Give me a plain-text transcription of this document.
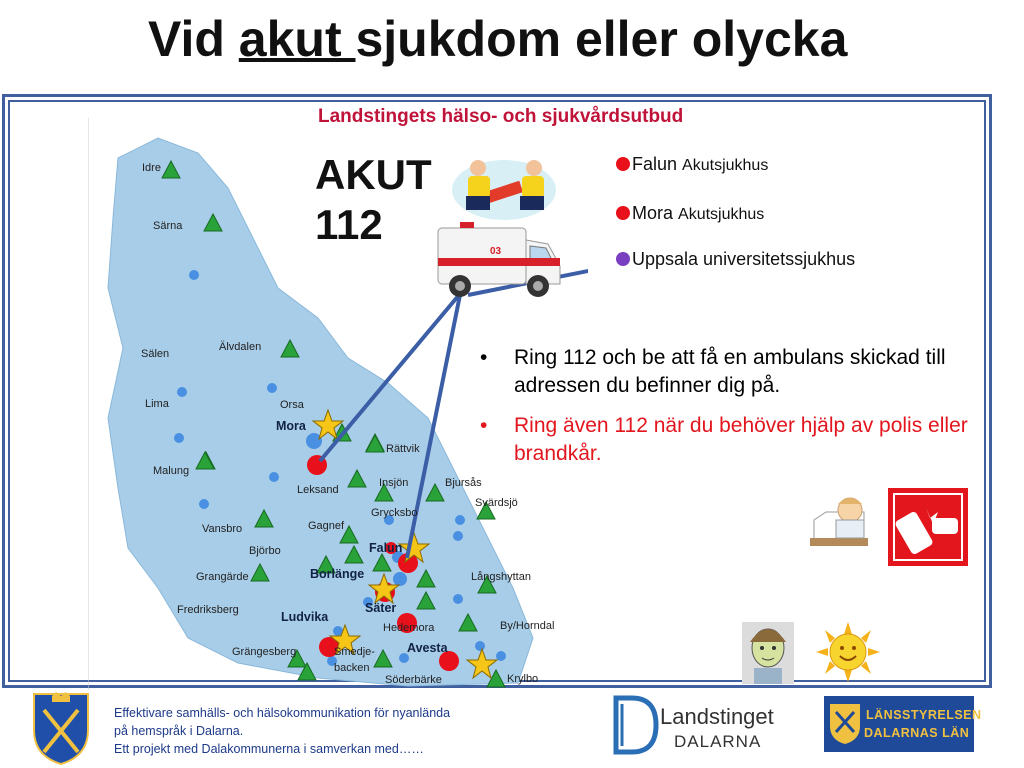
Vid akut sjukdom eller olycka
Landstingets hälso- och sjukvårdsutbud
Idre
Särna
Älvdalen
Sälen
Lima	Orsa
Mora
Rättvik
Malung
Insjön	Bjursås
Leksand
Svärdsjö
Grycksbo
Gagnef
Vansbro
Falun
Björbo
Grangärde	Borlänge	Långshyttan
Säter
Fredriksberg	Ludvika
Hedemora	By/Horndal
Avesta
Grängesberg	Smedje-
backen
Söderbärke	Krylbo
AKUT
112
03
Falun Akutsjukhus
Mora Akutsjukhus
Uppsala universitetssjukhus
• Ring 112 och be att få en ambulans skickad till adressen du befinner dig på.
• Ring även 112 när du behöver hjälp av polis eller brandkår.
Effektivare samhälls- och hälsokommunikation för nyanlända
på hemspråk i Dalarna.
Ett projekt med Dalakommunerna i samverkan med……
Landstinget
DALARNA
LÄNSSTYRELSEN
DALARNAS LÄN
